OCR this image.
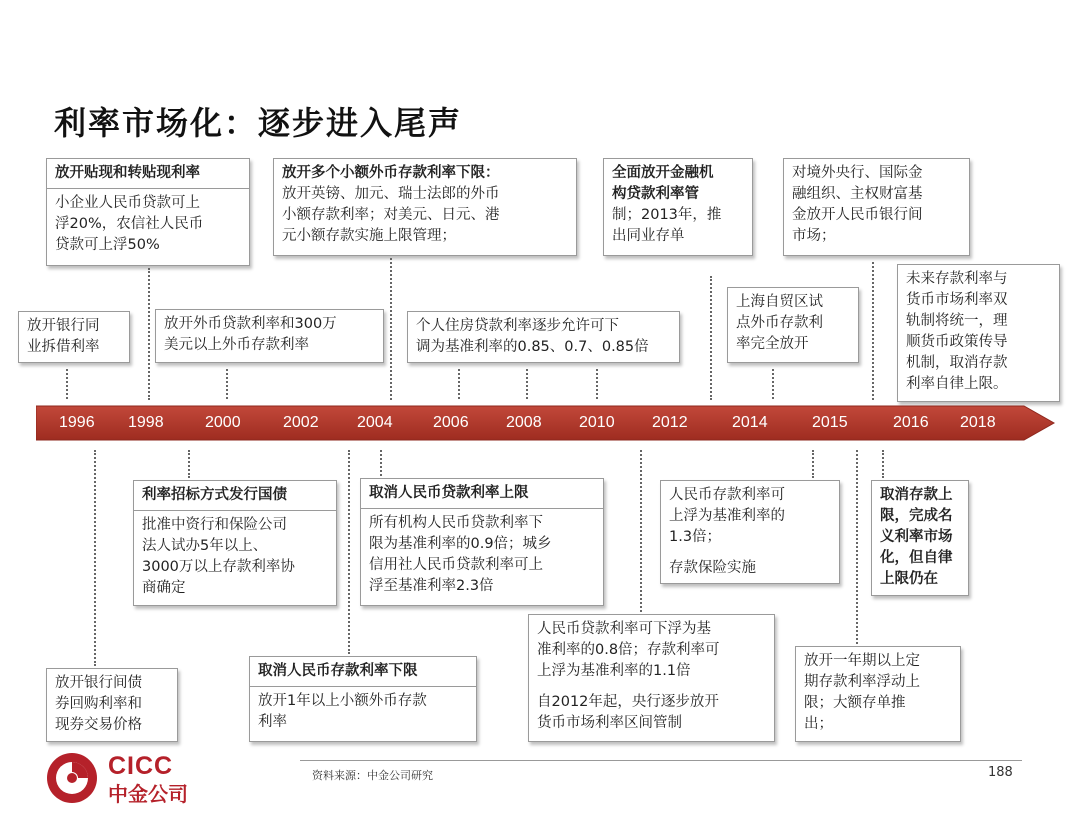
利率市场化：逐步进入尾声
放开银行同
业拆借利率
放开贴现和转贴现利率
小企业人民币贷款可上
浮20%，农信社人民币
贷款可上浮50%
放开外币贷款利率和300万
美元以上外币存款利率
放开多个小额外币存款利率下限：
放开英镑、加元、瑞士法郎的外币
小额存款利率；对美元、日元、港
元小额存款实施上限管理；
个人住房贷款利率逐步允许可下
调为基准利率的0.85、0.7、0.85倍
全面放开金融机
构贷款利率管
制；2013年，推
出同业存单
上海自贸区试
点外币存款利
率完全放开
对境外央行、国际金
融组织、主权财富基
金放开人民币银行间
市场；
未来存款利率与
货币市场利率双
轨制将统一，理
顺货币政策传导
机制，取消存款
利率自律上限。
1996 1998	2000	2002 2004	2006 2008 2010 2012	2014	2015	2016 2018
放开银行间债
券回购利率和
现券交易价格
利率招标方式发行国债
批准中资行和保险公司
法人试办5年以上、
3000万以上存款利率协
商确定
取消人民币存款利率下限
放开1年以上小额外币存款
利率
取消人民币贷款利率上限
所有机构人民币贷款利率下
限为基准利率的0.9倍；城乡
信用社人民币贷款利率可上
浮至基准利率2.3倍
人民币贷款利率可下浮为基
准利率的0.8倍；存款利率可
上浮为基准利率的1.1倍
自2012年起，央行逐步放开
货币市场利率区间管制
人民币存款利率可
上浮为基准利率的
1.3倍；
存款保险实施
放开一年期以上定
期存款利率浮动上
限；大额存单推
出；
取消存款上
限，完成名
义利率市场
化，但自律
上限仍在
资料来源：中金公司研究	188
CICC
中金公司
